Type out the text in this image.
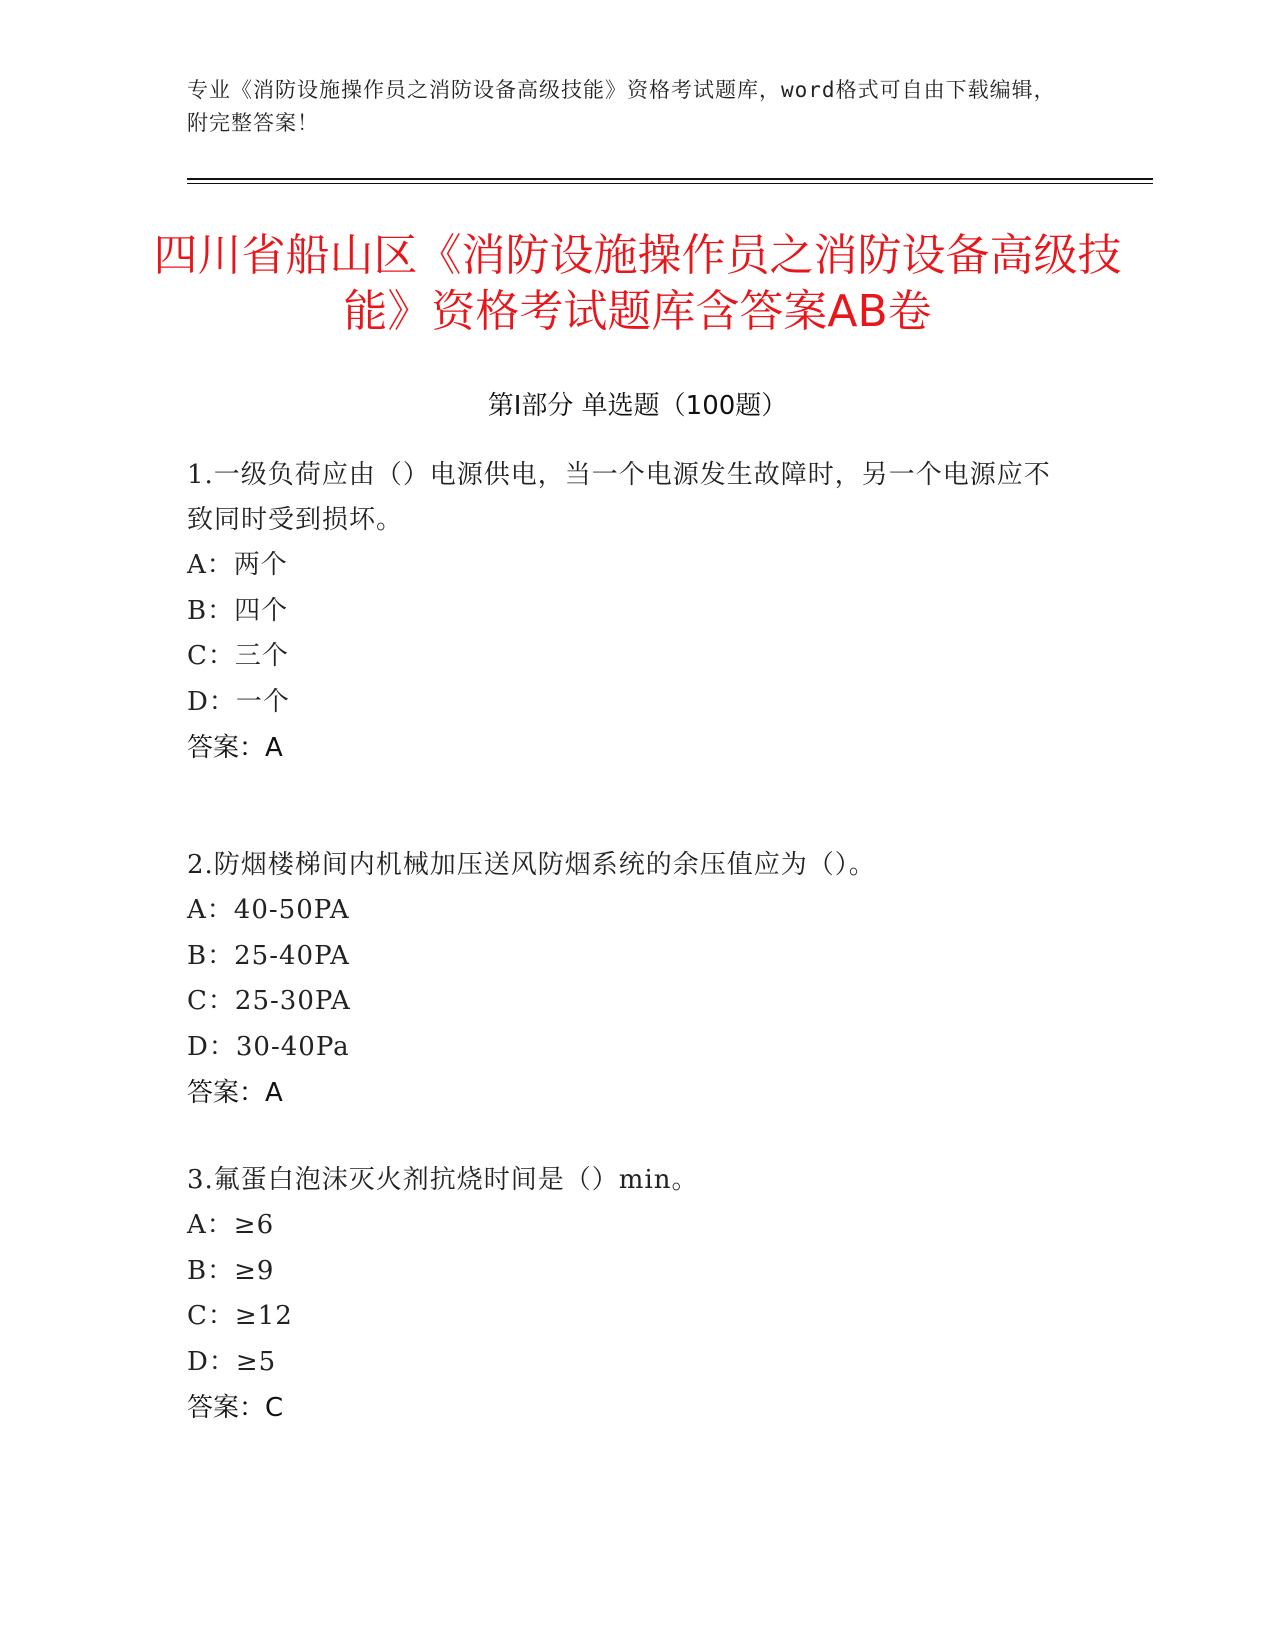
专业《消防设施操作员之消防设备高级技能》资格考试题库，word格式可自由下载编辑，附完整答案！
四川省船山区《消防设施操作员之消防设备高级技能》资格考试题库含答案AB卷
第Ⅰ部分 单选题（100题）
1.一级负荷应由（）电源供电，当一个电源发生故障时，另一个电源应不致同时受到损坏。
A：两个
B：四个
C：三个
D：一个
答案：A
2.防烟楼梯间内机械加压送风防烟系统的余压值应为（）。
A：40-50PA
B：25-40PA
C：25-30PA
D：30-40Pa
答案：A
3.氟蛋白泡沫灭火剂抗烧时间是（）min。
A：≥6
B：≥9
C：≥12
D：≥5
答案：C
